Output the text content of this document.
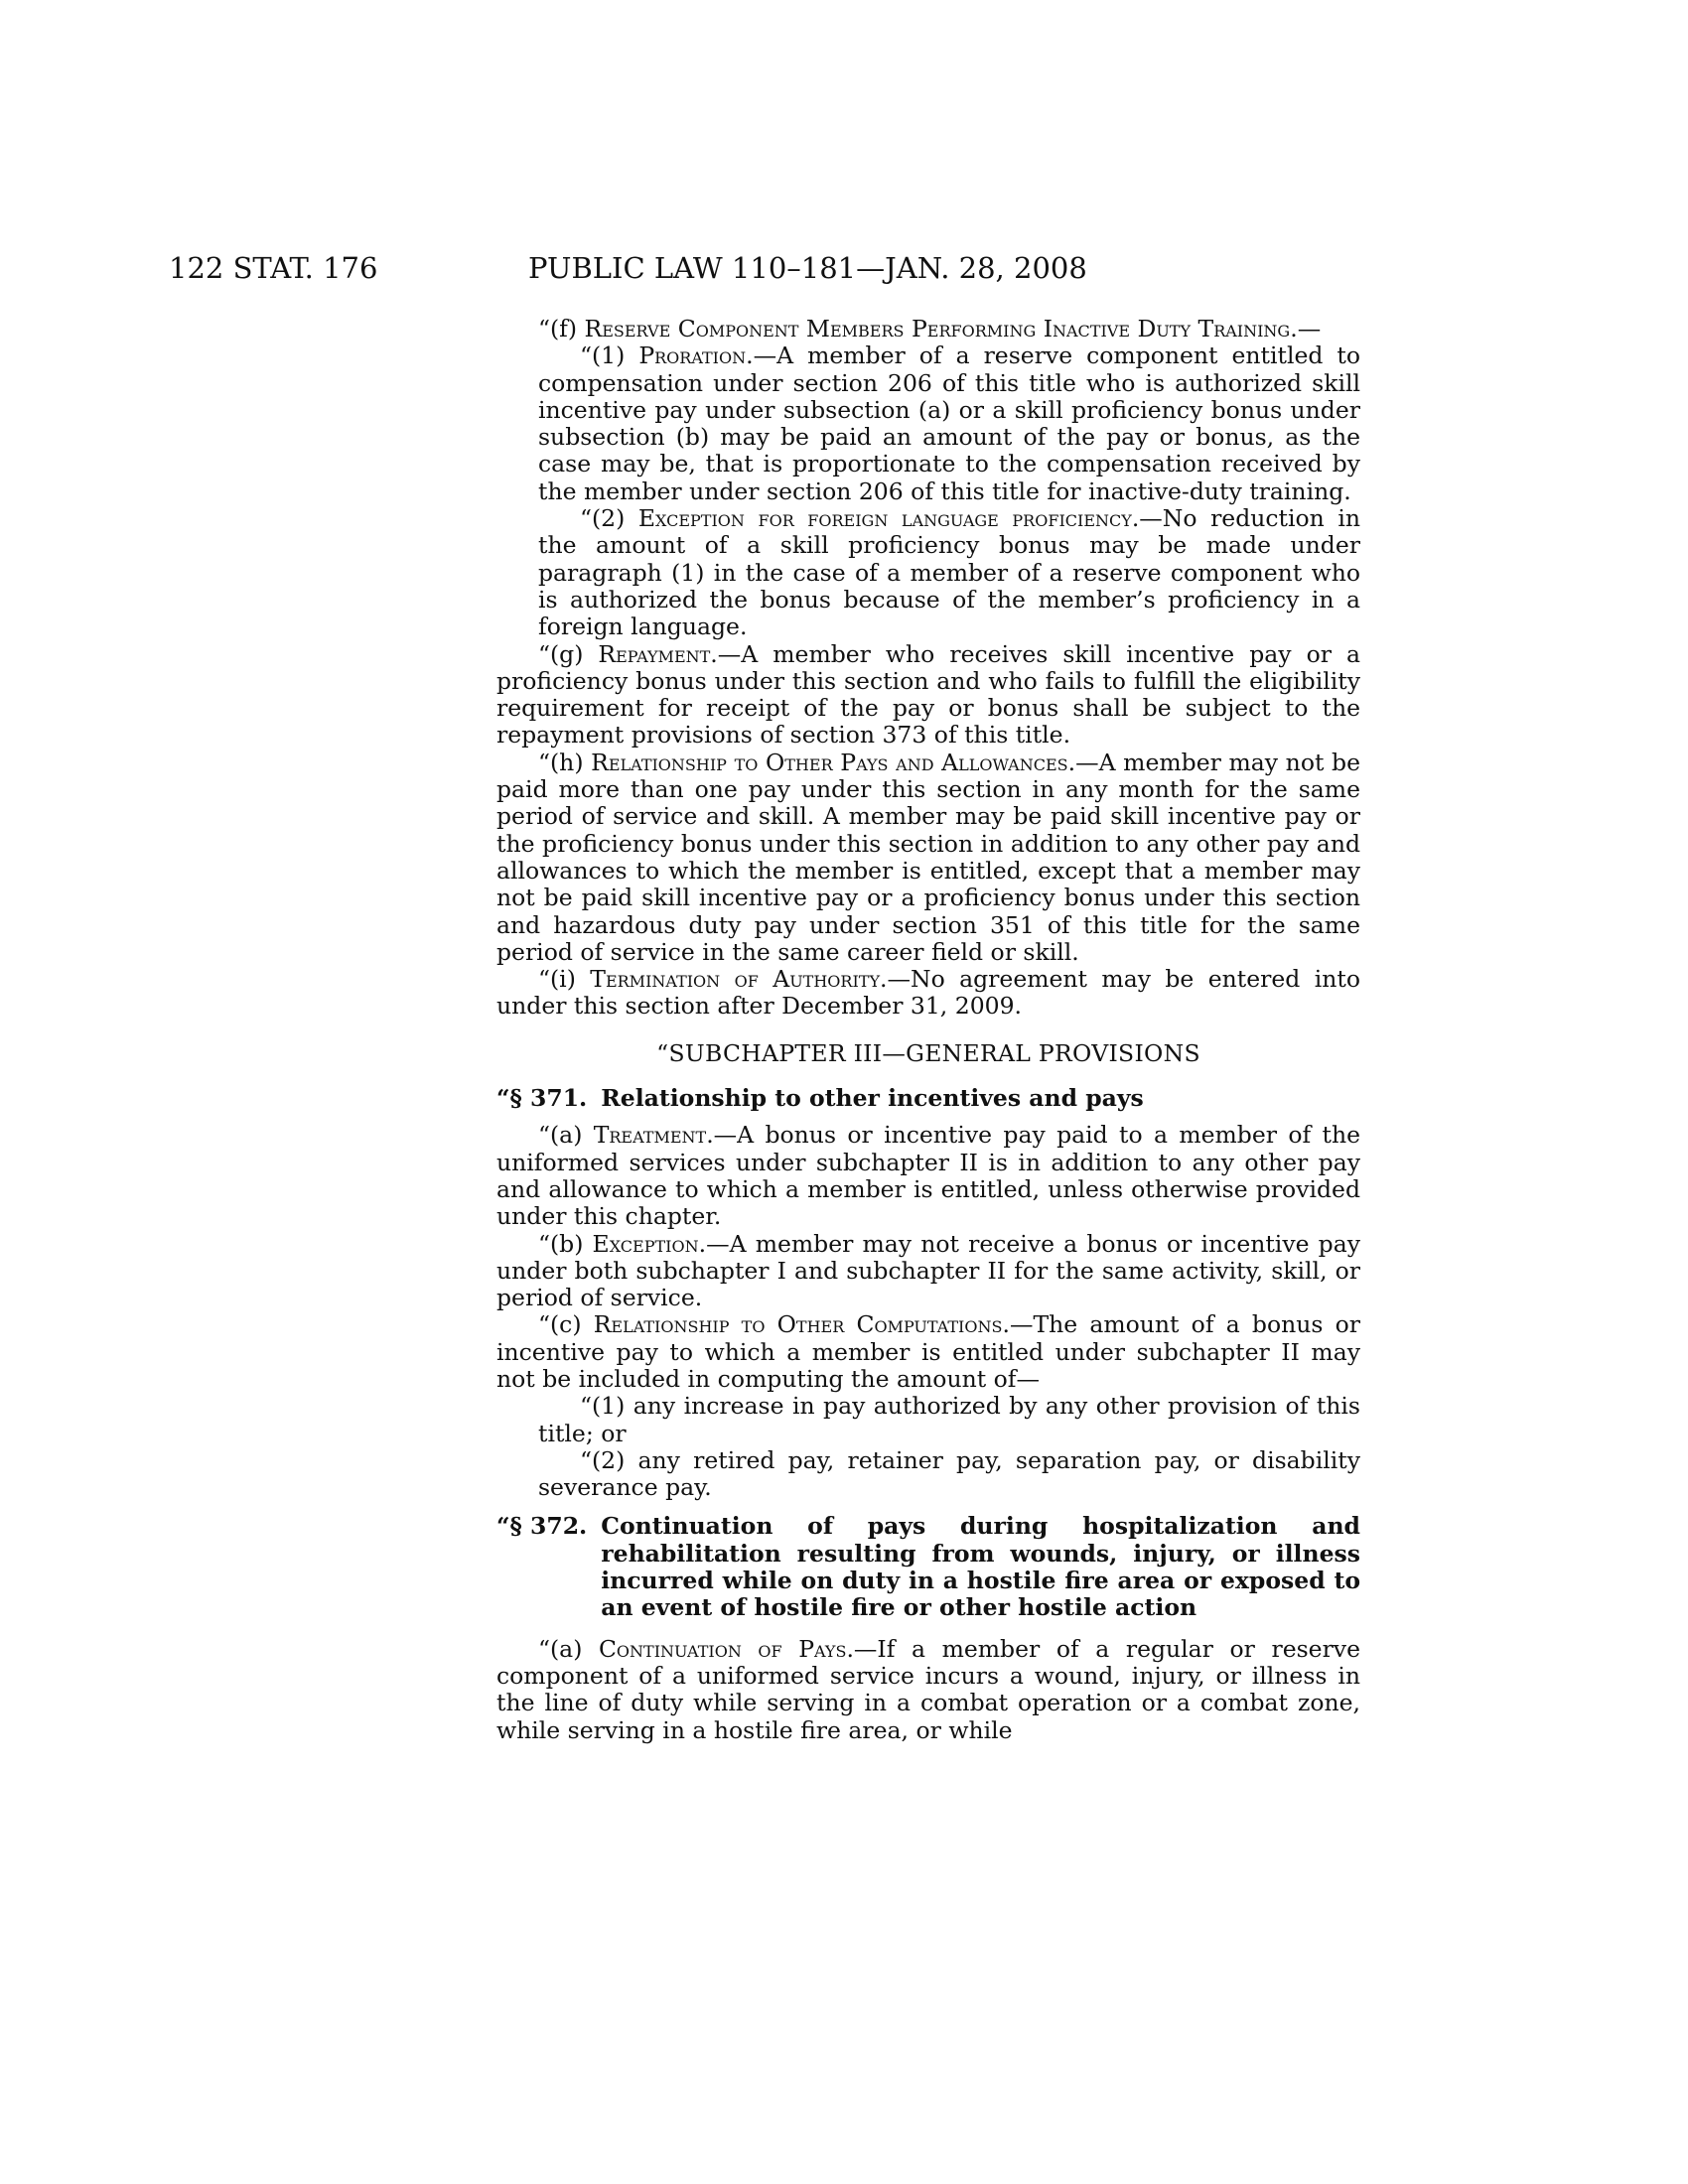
122 STAT. 176	PUBLIC LAW 110–181—JAN. 28, 2008

“(f) Reserve Component Members Performing Inactive Duty Training.—

“(1) Proration.—A member of a reserve component entitled to compensation under section 206 of this title who is authorized skill incentive pay under subsection (a) or a skill proficiency bonus under subsection (b) may be paid an amount of the pay or bonus, as the case may be, that is proportionate to the compensation received by the member under section 206 of this title for inactive-duty training.

“(2) Exception for foreign language proficiency.—No reduction in the amount of a skill proficiency bonus may be made under paragraph (1) in the case of a member of a reserve component who is authorized the bonus because of the member’s proficiency in a foreign language.

“(g) Repayment.—A member who receives skill incentive pay or a proficiency bonus under this section and who fails to fulfill the eligibility requirement for receipt of the pay or bonus shall be subject to the repayment provisions of section 373 of this title.

“(h) Relationship to Other Pays and Allowances.—A member may not be paid more than one pay under this section in any month for the same period of service and skill. A member may be paid skill incentive pay or the proficiency bonus under this section in addition to any other pay and allowances to which the member is entitled, except that a member may not be paid skill incentive pay or a proficiency bonus under this section and hazardous duty pay under section 351 of this title for the same period of service in the same career field or skill.

“(i) Termination of Authority.—No agreement may be entered into under this section after December 31, 2009.

“SUBCHAPTER III—GENERAL PROVISIONS

“§ 371. Relationship to other incentives and pays

“(a) Treatment.—A bonus or incentive pay paid to a member of the uniformed services under subchapter II is in addition to any other pay and allowance to which a member is entitled, unless otherwise provided under this chapter.

“(b) Exception.—A member may not receive a bonus or incentive pay under both subchapter I and subchapter II for the same activity, skill, or period of service.

“(c) Relationship to Other Computations.—The amount of a bonus or incentive pay to which a member is entitled under subchapter II may not be included in computing the amount of—

“(1) any increase in pay authorized by any other provision of this title; or

“(2) any retired pay, retainer pay, separation pay, or disability severance pay.

“§ 372. Continuation of pays during hospitalization and rehabilitation resulting from wounds, injury, or illness incurred while on duty in a hostile fire area or exposed to an event of hostile fire or other hostile action

“(a) Continuation of Pays.—If a member of a regular or reserve component of a uniformed service incurs a wound, injury, or illness in the line of duty while serving in a combat operation or a combat zone, while serving in a hostile fire area, or while
